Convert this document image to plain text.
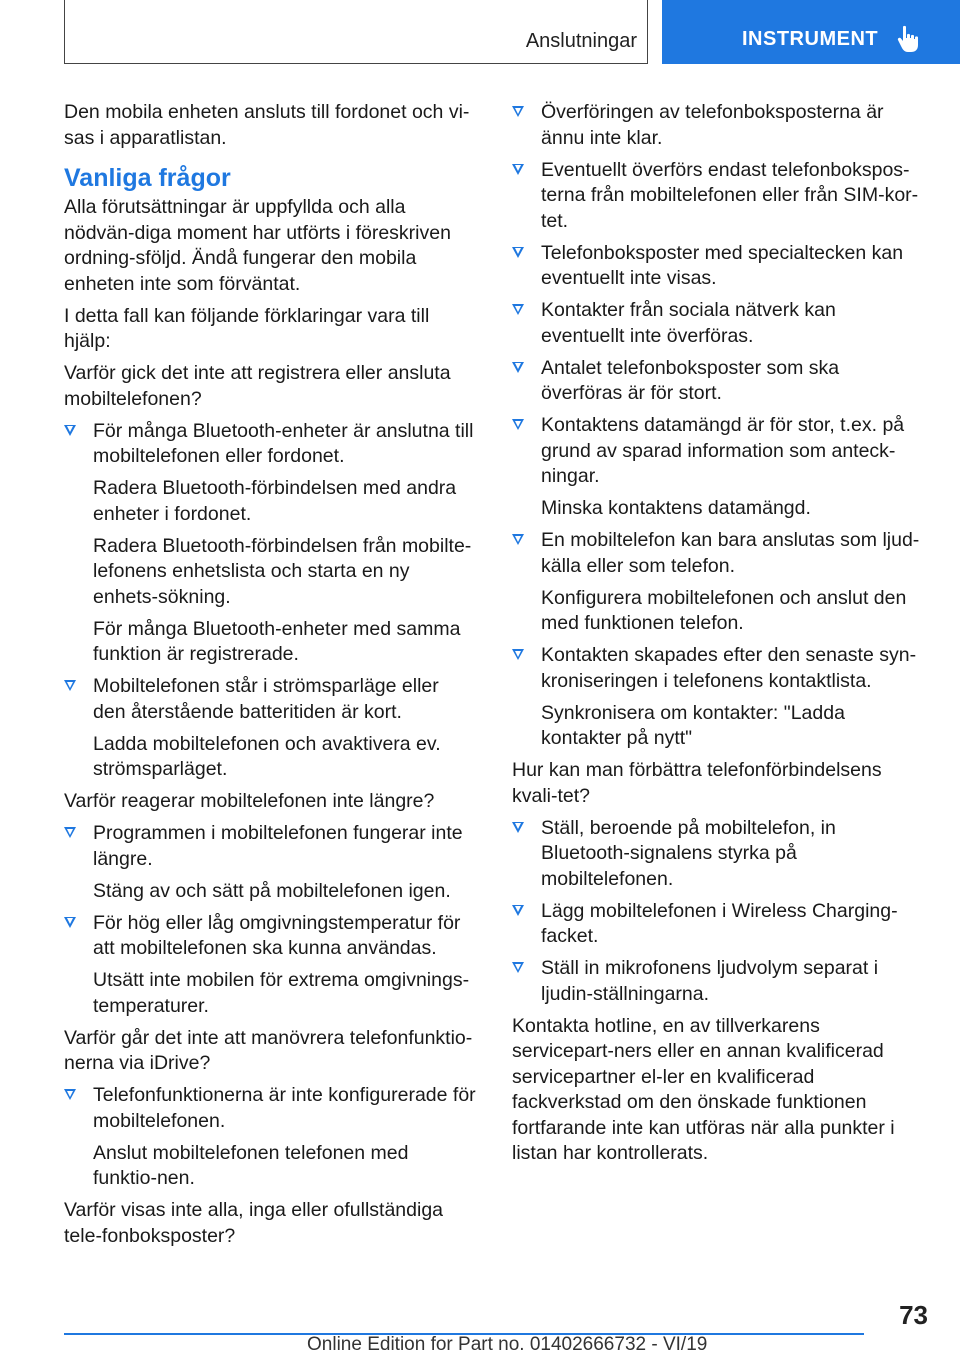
Anslutningar	INSTRUMENT

Den mobila enheten ansluts till fordonet och vi-sas i apparatlistan.

Vanliga frågor

Alla förutsättningar är uppfyllda och alla nödvän-diga moment har utförts i föreskriven ordning-sföljd. Ändå fungerar den mobila enheten inte som förväntat.

I detta fall kan följande förklaringar vara till hjälp:

Varför gick det inte att registrera eller ansluta mobiltelefonen?

För många Bluetooth-enheter är anslutna till mobiltelefonen eller fordonet.

Radera Bluetooth-förbindelsen med andra enheter i fordonet.

Radera Bluetooth-förbindelsen från mobilte-lefonens enhetslista och starta en ny enhets-sökning.

För många Bluetooth-enheter med samma funktion är registrerade.

Mobiltelefonen står i strömsparläge eller den återstående batteritiden är kort.

Ladda mobiltelefonen och avaktivera ev. strömsparläget.

Varför reagerar mobiltelefonen inte längre?

Programmen i mobiltelefonen fungerar inte längre.

Stäng av och sätt på mobiltelefonen igen.

För hög eller låg omgivningstemperatur för att mobiltelefonen ska kunna användas.

Utsätt inte mobilen för extrema omgivnings-temperaturer.

Varför går det inte att manövrera telefonfunktio-nerna via iDrive?

Telefonfunktionerna är inte konfigurerade för mobiltelefonen.

Anslut mobiltelefonen telefonen med funktio-nen.

Varför visas inte alla, inga eller ofullständiga tele-fonboksposter?

Överföringen av telefonboksposterna är ännu inte klar.
Eventuellt överförs endast telefonbokspos-terna från mobiltelefonen eller från SIM-kor-tet.
Telefonboksposter med specialtecken kan eventuellt inte visas.
Kontakter från sociala nätverk kan eventuellt inte överföras.
Antalet telefonboksposter som ska överföras är för stort.
Kontaktens datamängd är för stor, t.ex. på grund av sparad information som anteck-ningar.

Minska kontaktens datamängd.

En mobiltelefon kan bara anslutas som ljud-källa eller som telefon.

Konfigurera mobiltelefonen och anslut den med funktionen telefon.

Kontakten skapades efter den senaste syn-kroniseringen i telefonens kontaktlista.

Synkronisera om kontakter: "Ladda kontakter på nytt"

Hur kan man förbättra telefonförbindelsens kvali-tet?

Ställ, beroende på mobiltelefon, in Bluetooth-signalens styrka på mobiltelefonen.
Lägg mobiltelefonen i Wireless Charging-facket.
Ställ in mikrofonens ljudvolym separat i ljudin-ställningarna.

Kontakta hotline, en av tillverkarens servicepart-ners eller en annan kvalificerad servicepartner el-ler en kvalificerad fackverkstad om den önskade funktionen fortfarande inte kan utföras när alla punkter i listan har kontrollerats.

73
Online Edition for Part no. 01402666732 - VI/19
